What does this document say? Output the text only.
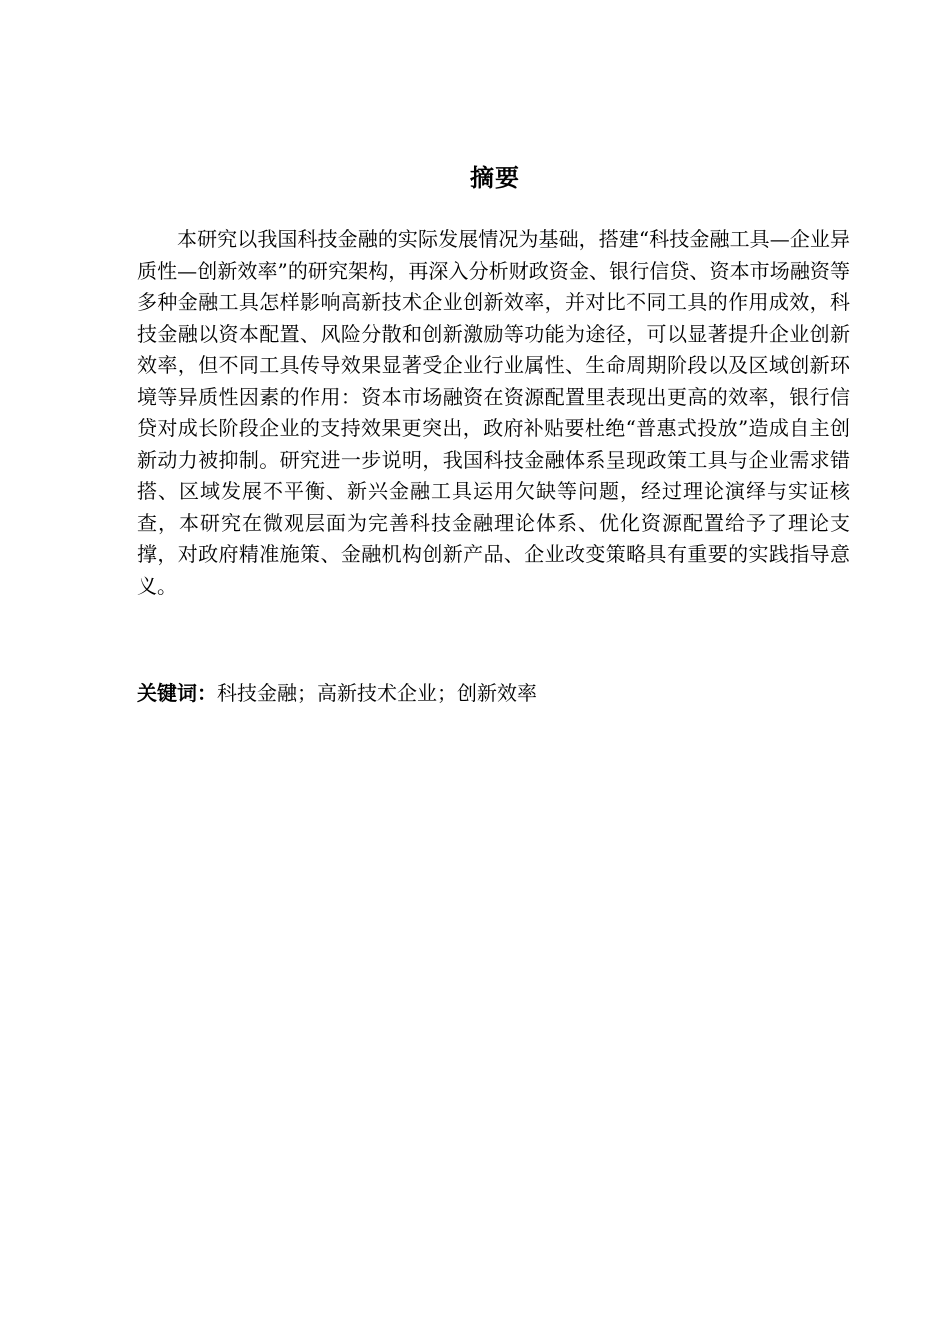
摘要

本研究以我国科技金融的实际发展情况为基础，搭建“科技金融工具—企业异质性—创新效率”的研究架构，再深入分析财政资金、银行信贷、资本市场融资等多种金融工具怎样影响高新技术企业创新效率，并对比不同工具的作用成效，科技金融以资本配置、风险分散和创新激励等功能为途径，可以显著提升企业创新效率，但不同工具传导效果显著受企业行业属性、生命周期阶段以及区域创新环境等异质性因素的作用：资本市场融资在资源配置里表现出更高的效率，银行信贷对成长阶段企业的支持效果更突出，政府补贴要杜绝“普惠式投放”造成自主创新动力被抑制。研究进一步说明，我国科技金融体系呈现政策工具与企业需求错搭、区域发展不平衡、新兴金融工具运用欠缺等问题，经过理论演绎与实证核查，本研究在微观层面为完善科技金融理论体系、优化资源配置给予了理论支撑，对政府精准施策、金融机构创新产品、企业改变策略具有重要的实践指导意义。

关键词：科技金融；高新技术企业；创新效率
